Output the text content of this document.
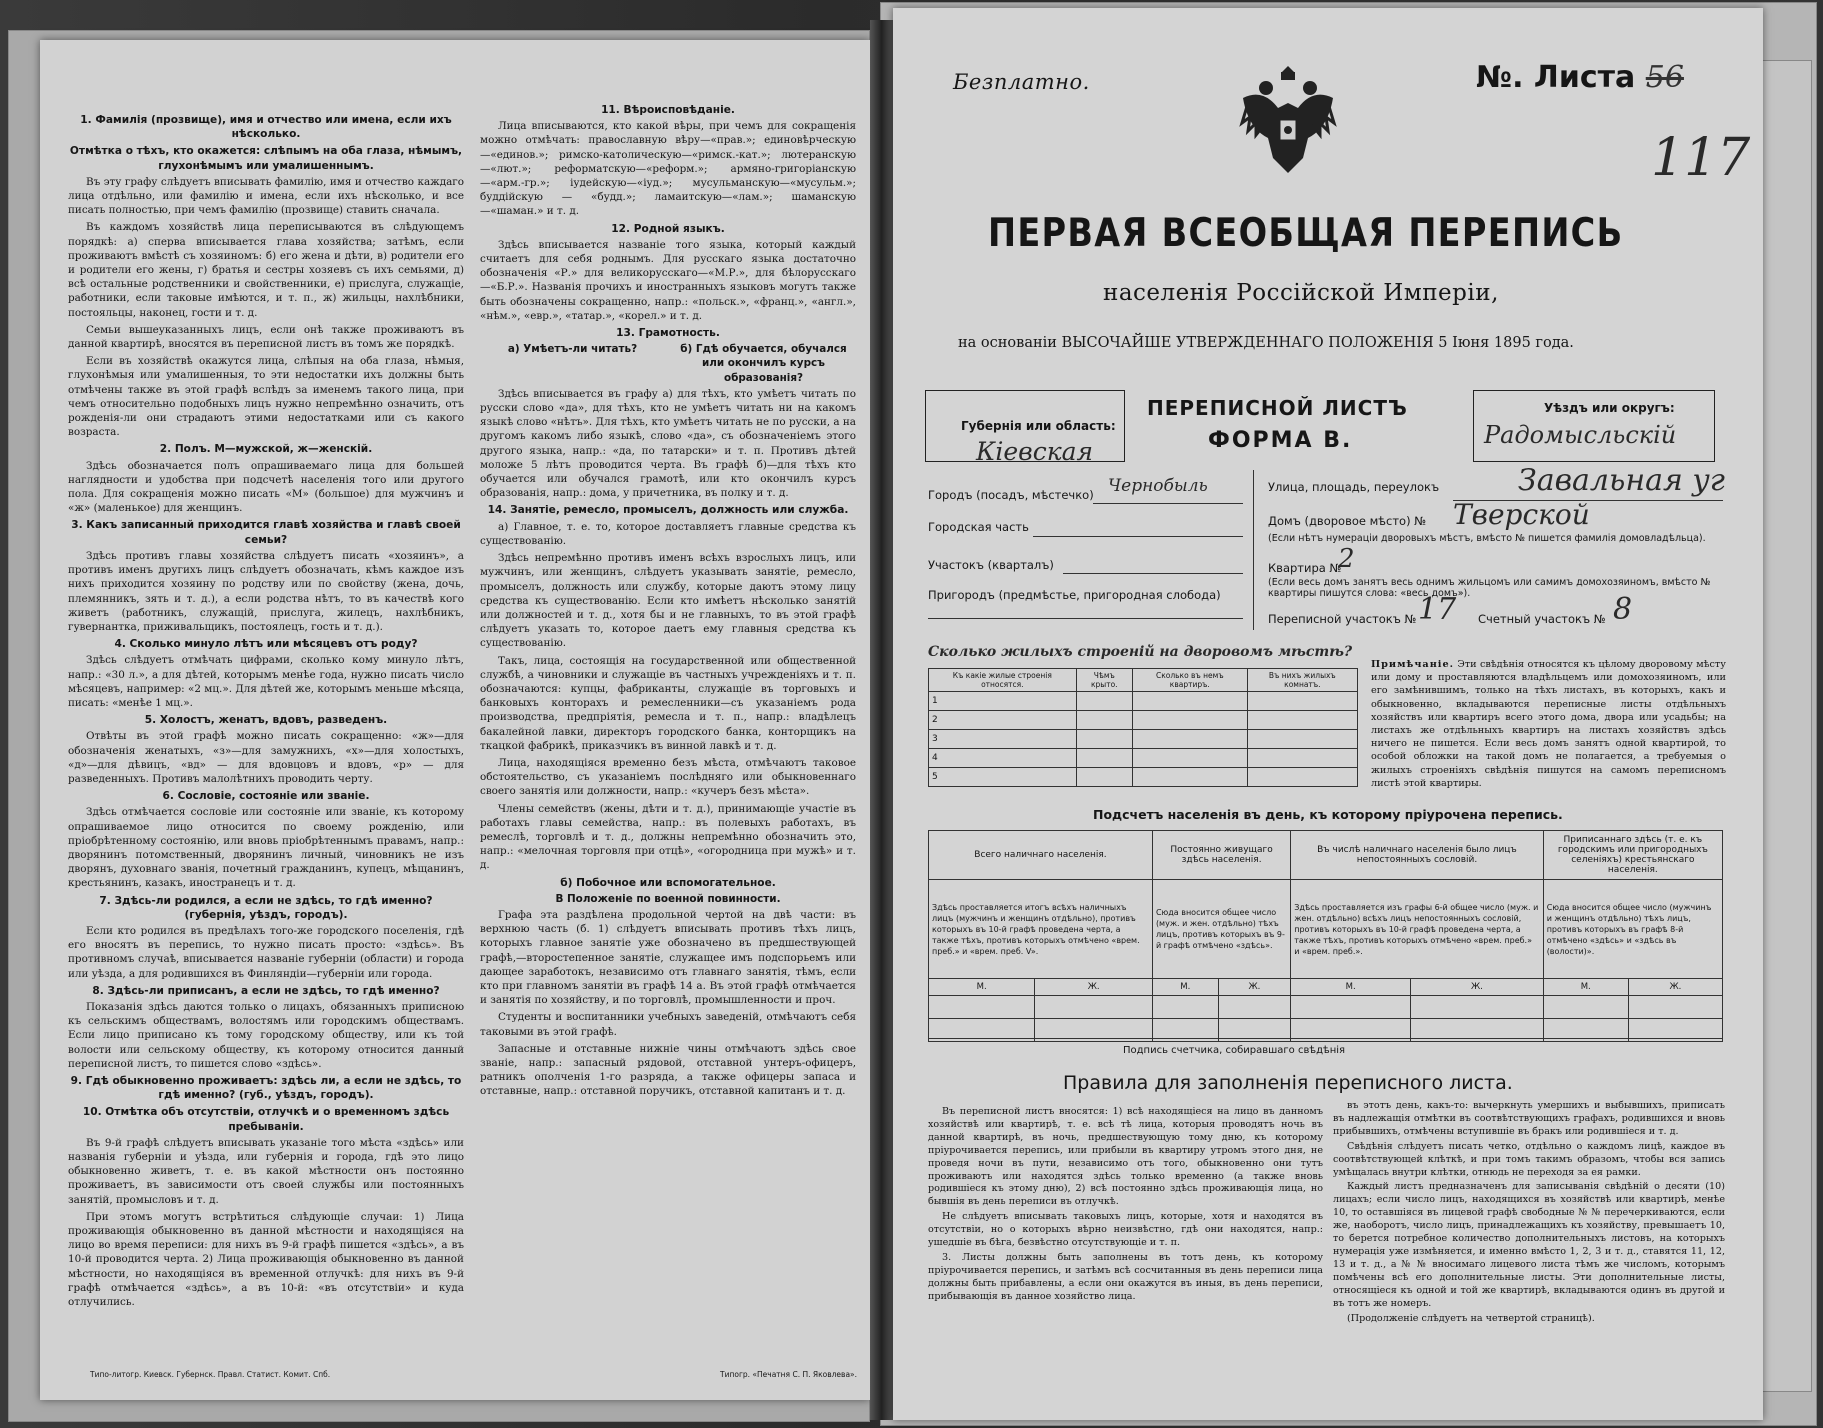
1. Фамилія (прозвище), имя и отчество или имена, если ихъ нѣсколько.
Отмѣтка о тѣхъ, кто окажется: слѣпымъ на оба глаза, нѣмымъ, глухонѣмымъ или умалишеннымъ.

Въ эту графу слѣдуетъ вписывать фамилію, имя и отчество каждаго лица отдѣльно, или фамилію и имена, если ихъ нѣсколько, и все писать полностью, при чемъ фамилію (прозвище) ставить сначала.

Въ каждомъ хозяйствѣ лица переписываются въ слѣдующемъ порядкѣ: а) сперва вписывается глава хозяйства; затѣмъ, если проживаютъ вмѣстѣ съ хозяиномъ: б) его жена и дѣти, в) родители его и родители его жены, г) братья и сестры хозяевъ съ ихъ семьями, д) всѣ остальные родственники и свойственники, е) прислуга, служащіе, работники, если таковые имѣются, и т. п., ж) жильцы, нахлѣбники, постояльцы, наконец, гости и т. д.

Семьи вышеуказанныхъ лицъ, если онѣ также проживаютъ въ данной квартирѣ, вносятся въ переписной листъ въ томъ же порядкѣ.

Если въ хозяйствѣ окажутся лица, слѣпыя на оба глаза, нѣмыя, глухонѣмыя или умалишенныя, то эти недостатки ихъ должны быть отмѣчены также въ этой графѣ вслѣдъ за именемъ такого лица, при чемъ относительно подобныхъ лицъ нужно непремѣнно означить, отъ рожденія-ли они страдаютъ этими недостатками или съ какого возраста.

2. Полъ. М—мужской, ж—женскій.

Здѣсь обозначается полъ опрашиваемаго лица для большей наглядности и удобства при подсчетѣ населенія того или другого пола. Для сокращенія можно писать «М» (большое) для мужчинъ и «ж» (маленькое) для женщинъ.

3. Какъ записанный приходится главѣ хозяйства и главѣ своей семьи?

Здѣсь противъ главы хозяйства слѣдуетъ писать «хозяинъ», а противъ именъ другихъ лицъ слѣдуетъ обозначать, кѣмъ каждое изъ нихъ приходится хозяину по родству или по свойству (жена, дочь, племянникъ, зять и т. д.), а если родства нѣтъ, то въ качествѣ кого живетъ (работникъ, служащій, прислуга, жилецъ, нахлѣбникъ, гувернантка, приживальщикъ, постоялецъ, гость и т. д.).

4. Сколько минуло лѣтъ или мѣсяцевъ отъ роду?

Здѣсь слѣдуетъ отмѣчать цифрами, сколько кому минуло лѣтъ, напр.: «30 л.», а для дѣтей, которымъ менѣе года, нужно писать число мѣсяцевъ, например: «2 мц.». Для дѣтей же, которымъ меньше мѣсяца, писать: «менѣе 1 мц.».

5. Холостъ, женатъ, вдовъ, разведенъ.

Отвѣты въ этой графѣ можно писать сокращенно: «ж»—для обозначенія женатыхъ, «з»—для замужнихъ, «х»—для холостыхъ, «д»—для дѣвицъ, «вд» — для вдовцовъ и вдовъ, «р» — для разведенныхъ. Противъ малолѣтнихъ проводить черту.

6. Сословіе, состояніе или званіе.

Здѣсь отмѣчается сословіе или состояніе или званіе, къ которому опрашиваемое лицо относится по своему рожденію, или пріобрѣтенному состоянію, или вновь пріобрѣтеннымъ правамъ, напр.: дворянинъ потомственный, дворянинъ личный, чиновникъ не изъ дворянъ, духовнаго званія, почетный гражданинъ, купецъ, мѣщанинъ, крестьянинъ, казакъ, иностранецъ и т. д.

7. Здѣсь-ли родился, а если не здѣсь, то гдѣ именно? (губернія, уѣздъ, городъ).

Если кто родился въ предѣлахъ того-же городского поселенія, гдѣ его вносятъ въ перепись, то нужно писать просто: «здѣсь». Въ противномъ случаѣ, вписывается названіе губерніи (области) и города или уѣзда, а для родившихся въ Финляндіи—губерніи или города.

8. Здѣсь-ли приписанъ, а если не здѣсь, то гдѣ именно?

Показанія здѣсь даются только о лицахъ, обязанныхъ приписною къ сельскимъ обществамъ, волостямъ или городскимъ обществамъ. Если лицо приписано къ тому городскому обществу, или къ той волости или сельскому обществу, къ которому относится данный переписной листъ, то пишется слово «здѣсь».

9. Гдѣ обыкновенно проживаетъ: здѣсь ли, а если не здѣсь, то гдѣ именно? (губ., уѣздъ, городъ).
10. Отмѣтка объ отсутствіи, отлучкѣ и о временномъ здѣсь пребываніи.

Въ 9-й графѣ слѣдуетъ вписывать указаніе того мѣста «здѣсь» или названія губерніи и уѣзда, или губернія и города, гдѣ это лицо обыкновенно живетъ, т. е. въ какой мѣстности онъ постоянно проживаетъ, въ зависимости отъ своей службы или постоянныхъ занятій, промысловъ и т. д.

При этомъ могутъ встрѣтиться слѣдующіе случаи: 1) Лица проживающія обыкновенно въ данной мѣстности и находящіяся на лицо во время переписи: для нихъ въ 9-й графѣ пишется «здѣсь», а въ 10-й проводится черта. 2) Лица проживающія обыкновенно въ данной мѣстности, но находящіяся въ временной отлучкѣ: для нихъ въ 9-й графѣ отмѣчается «здѣсь», а въ 10-й: «въ отсутствіи» и куда отлучились.

11. Вѣроисповѣданіе.

Лица вписываются, кто какой вѣры, при чемъ для сокращенія можно отмѣчать: православную вѣру—«прав.»; единовѣрческую—«единов.»; римско-католическую—«римск.-кат.»; лютеранскую—«лют.»; реформатскую—«реформ.»; армяно-григоріанскую—«арм.-гр.»; іудейскую—«іуд.»; мусульманскую—«мусульм.»; буддійскую — «будд.»; ламаитскую—«лам.»; шаманскую—«шаман.» и т. д.

12. Родной языкъ.

Здѣсь вписывается названіе того языка, который каждый считаетъ для себя роднымъ. Для русскаго языка достаточно обозначенія «Р.» для великорусскаго—«М.Р.», для бѣлорусскаго—«Б.Р.». Названія прочихъ и иностранныхъ языковъ могутъ также быть обозначены сокращенно, напр.: «польск.», «франц.», «англ.», «нѣм.», «евр.», «татар.», «корел.» и т. д.

13. Грамотность.
а) Умѣетъ-ли читать?	б) Гдѣ обучается, обучался или окончилъ курсъ образованія?

Здѣсь вписывается въ графу а) для тѣхъ, кто умѣетъ читать по русски слово «да», для тѣхъ, кто не умѣетъ читать ни на какомъ языкѣ слово «нѣтъ». Для тѣхъ, кто умѣетъ читать не по русски, а на другомъ какомъ либо языкѣ, слово «да», съ обозначеніемъ этого другого языка, напр.: «да, по татарски» и т. п. Противъ дѣтей моложе 5 лѣтъ проводится черта. Въ графѣ б)—для тѣхъ кто обучается или обучался грамотѣ, или кто окончилъ курсъ образованія, напр.: дома, у причетника, въ полку и т. д.

14. Занятіе, ремесло, промыселъ, должность или служба.

а) Главное, т. е. то, которое доставляетъ главные средства къ существованію.

Здѣсь непремѣнно противъ именъ всѣхъ взрослыхъ лицъ, или мужчинъ, или женщинъ, слѣдуетъ указывать занятіе, ремесло, промыселъ, должность или службу, которые даютъ этому лицу средства къ существованію. Если кто имѣетъ нѣсколько занятій или должностей и т. д., хотя бы и не главныхъ, то въ этой графѣ слѣдуетъ указать то, которое даетъ ему главныя средства къ существованію.

Такъ, лица, состоящія на государственной или общественной службѣ, а чиновники и служащіе въ частныхъ учрежденіяхъ и т. п. обозначаются: купцы, фабриканты, служащіе въ торговыхъ и банковыхъ конторахъ и ремесленники—съ указаніемъ рода производства, предпріятія, ремесла и т. п., напр.: владѣлецъ бакалейной лавки, директоръ городского банка, конторщикъ на ткацкой фабрикѣ, приказчикъ въ винной лавкѣ и т. д.

Лица, находящіяся временно безъ мѣста, отмѣчаютъ таковое обстоятельство, съ указаніемъ послѣдняго или обыкновеннаго своего занятія или должности, напр.: «кучеръ безъ мѣста».

Члены семействъ (жены, дѣти и т. д.), принимающіе участіе въ работахъ главы семейства, напр.: въ полевыхъ работахъ, въ ремеслѣ, торговлѣ и т. д., должны непремѣнно обозначить это, напр.: «мелочная торговля при отцѣ», «огородница при мужѣ» и т. д.

б) Побочное или вспомогательное.
B Положеніе по военной повинности.

Графа эта раздѣлена продольной чертой на двѣ части: въ верхнюю часть (б. 1) слѣдуетъ вписывать противъ тѣхъ лицъ, которыхъ главное занятіе уже обозначено въ предшествующей графѣ,—второстепенное занятіе, служащее имъ подспорьемъ или дающее заработокъ, независимо отъ главнаго занятія, тѣмъ, если кто при главномъ занятіи въ графѣ 14 а. Въ этой графѣ отмѣчается и занятія по хозяйству, и по торговлѣ, промышленности и проч.

Студенты и воспитанники учебныхъ заведеній, отмѣчаютъ себя таковыми въ этой графѣ.

Запасные и отставные нижніе чины отмѣчаютъ здѣсь свое званіе, напр.: запасный рядовой, отставной унтеръ-офицеръ, ратникъ ополченія 1-го разряда, а также офицеры запаса и отставные, напр.: отставной поручикъ, отставной капитанъ и т. д.

Типо-литогр. Киевск. Губернск. Правл. Статист. Комит. Спб.	Типогр. «Печатня С. П. Яковлева».
Безплатно.	№. Листа 56
117
ПЕРВАЯ ВСЕОБЩАЯ ПЕРЕПИСЬ
населенія Россійской Имперіи,
на основаніи ВЫСОЧАЙШЕ УТВЕРЖДЕННАГО ПОЛОЖЕНІЯ 5 Іюня 1895 года.
Губернія или область:
Кіевская
ПЕРЕПИСНОЙ ЛИСТЪ
ФОРМА В.
Уѣздъ или округъ:
Радомысльскій
Городъ (посадъ, мѣстечко) Чернобыль
Городская часть
Участокъ (кварталъ)
Пригородъ (предмѣстье, пригородная слобода)
Улица, площадь, переулокъ	Завальная уг
Домъ (дворовое мѣсто) № Тверской
(Если нѣтъ нумераціи дворовыхъ мѣстъ, вмѣсто № пишется фамилія домовладѣльца).
Квартира №
2
(Если весь домъ занятъ весь однимъ жильцомъ или самимъ домохозяиномъ, вмѣсто № квартиры пишутся слова: «весь домъ»).
Переписной участокъ № 17 Счетный участокъ № 8
Сколько жилыхъ строеній на дворовомъ мѣстѣ?
Къ какіе жилые строенія относятся.	Чѣмъ крыто.	Сколько въ немъ квартиръ.	Въ нихъ жилыхъ комнатъ.
1			
2			
3			
4			
5			
Примѣчаніе. Эти свѣдѣнія относятся къ цѣлому дворовому мѣсту или дому и проставляются владѣльцемъ или домохозяиномъ, или его замѣнившимъ, только на тѣхъ листахъ, въ которыхъ, какъ и обыкновенно, вкладываются переписные листы отдѣльныхъ хозяйствъ или квартиръ всего этого дома, двора или усадьбы; на листахъ же отдѣльныхъ квартиръ на листахъ хозяйствъ здѣсь ничего не пишется. Если весь домъ занятъ одной квартирой, то особой обложки на такой домъ не полагается, а требуемыя о жилыхъ строеніяхъ свѣдѣнія пишутся на самомъ переписномъ листѣ этой квартиры.
Подсчетъ населенія въ день, къ которому пріурочена перепись.
Всего наличнаго населенія.		Постоянно живущаго здѣсь населенія.		Въ числѣ наличнаго населенія было лицъ непостоянныхъ сословій.		Приписаннаго здѣсь (т. е. къ городскимъ или пригородныхъ селеніяхъ) крестьянскаго населенія.	
Здѣсь проставляется итогъ всѣхъ наличныхъ лицъ (мужчинъ и женщинъ отдѣльно), противъ которыхъ въ 10-й графѣ проведена черта, а также тѣхъ, противъ которыхъ отмѣчено «врем. преб.» и «врем. преб. V».		Сюда вносится общее число (муж. и жен. отдѣльно) тѣхъ лицъ, противъ которыхъ въ 9-й графѣ отмѣчено «здѣсь».		Здѣсь проставляется изъ графы 6-й общее число (муж. и жен. отдѣльно) всѣхъ лицъ непостоянныхъ сословій, противъ которыхъ въ 10-й графѣ проведена черта, а также тѣхъ, противъ которыхъ отмѣчено «врем. преб.» и «врем. преб.».		Сюда вносится общее число (мужчинъ и женщинъ отдѣльно) тѣхъ лицъ, противъ которыхъ въ графѣ 8-й отмѣчено «здѣсь» и «здѣсь въ (волости)».	
М.	Ж.	М.	Ж.	М.	Ж.	М.	Ж.

Подпись счетчика, собиравшаго свѣдѣнія
Правила для заполненія переписного листа.

Въ переписной листъ вносятся: 1) всѣ находящіеся на лицо въ данномъ хозяйствѣ или квартирѣ, т. е. всѣ тѣ лица, которыя проводятъ ночь въ данной квартирѣ, въ ночь, предшествующую тому дню, къ которому пріурочивается перепись, или прибыли въ квартиру утромъ этого дня, не проведя ночи въ пути, независимо отъ того, обыкновенно они тутъ проживаютъ или находятся здѣсь только временно (а также вновь родившіеся къ этому дню), 2) всѣ постоянно здѣсь проживающія лица, но бывшія въ день переписи въ отлучкѣ.

Не слѣдуетъ вписывать таковыхъ лицъ, которые, хотя и находятся въ отсутствіи, но о которыхъ вѣрно неизвѣстно, гдѣ они находятся, напр.: ушедшіе въ бѣга, безвѣстно отсутствующіе и т. п.

3. Листы должны быть заполнены въ тотъ день, къ которому пріурочивается перепись, и затѣмъ всѣ сосчитанныя въ день переписи лица должны быть прибавлены, а если они окажутся въ иныя, въ день переписи, прибывающія въ данное хозяйство лица.

въ этотъ день, какъ-то: вычеркнуть умершихъ и выбывшихъ, приписать въ надлежащія отмѣтки въ соотвѣтствующихъ графахъ, родившихся и вновь прибывшихъ, отмѣчены вступившіе въ бракъ или родившіеся и т. д.

Свѣдѣнія слѣдуетъ писать четко, отдѣльно о каждомъ лицѣ, каждое въ соотвѣтствующей клѣткѣ, и при томъ такимъ образомъ, чтобы вся запись умѣщалась внутри клѣтки, отнюдь не переходя за ея рамки.

Каждый листъ предназначенъ для записыванія свѣдѣній о десяти (10) лицахъ; если число лицъ, находящихся въ хозяйствѣ или квартирѣ, менѣе 10, то оставшіяся въ лицевой графѣ свободные № № перечеркиваются, если же, наоборотъ, число лицъ, принадлежащихъ къ хозяйству, превышаетъ 10, то берется потребное количество дополнительныхъ листовъ, на которыхъ нумерація уже измѣняется, и именно вмѣсто 1, 2, 3 и т. д., ставятся 11, 12, 13 и т. д., а № № вносимаго лицевого листа тѣмъ же числомъ, которымъ помѣчены всѣ его дополнительные листы. Эти дополнительные листы, относящіеся къ одной и той же квартирѣ, вкладываются одинъ въ другой и въ тотъ же номеръ.

(Продолженіе слѣдуетъ на четвертой страницѣ).
